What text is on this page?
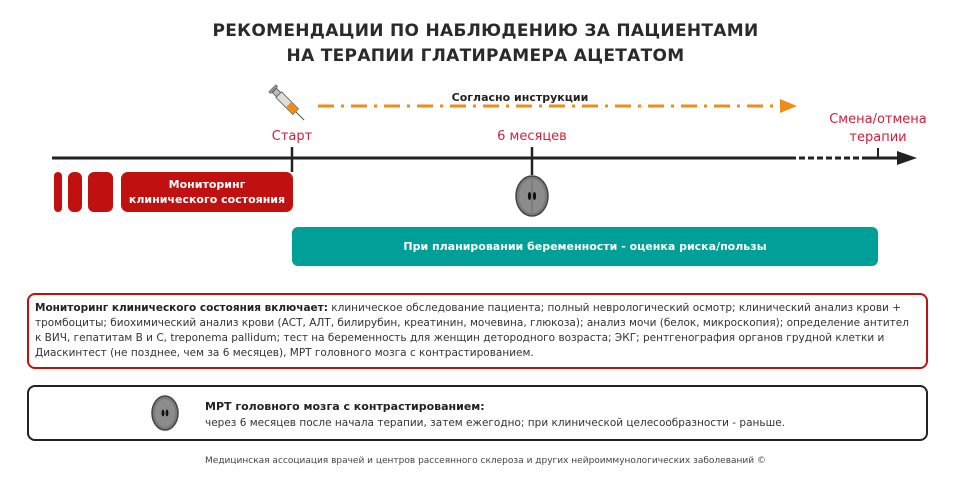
РЕКОМЕНДАЦИИ ПО НАБЛЮДЕНИЮ ЗА ПАЦИЕНТАМИ
НА ТЕРАПИИ ГЛАТИРАМЕРА АЦЕТАТОМ
Согласно инструкции
Старт	6 месяцев
Смена/отмена
терапии
Мониторинг
клинического состояния
При планировании беременности - оценка риска/пользы
Мониторинг клинического состояния включает: клиническое обследование пациента; полный неврологический осмотр; клинический анализ крови + тромбоциты; биохимический анализ крови (АСТ, АЛТ, билирубин, креатинин, мочевина, глюкоза); анализ мочи (белок, микроскопия); определение антител к ВИЧ, гепатитам В и С, treponema pallidum; тест на беременность для женщин детородного возраста; ЭКГ; рентгенография органов грудной клетки и Диаскинтест (не позднее, чем за 6 месяцев), МРТ головного мозга с контрастированием.
МРТ головного мозга с контрастированием:
через 6 месяцев после начала терапии, затем ежегодно; при клинической целесообразности - раньше.
Медицинская ассоциация врачей и центров рассеянного склероза и других нейроиммунологических заболеваний ©
